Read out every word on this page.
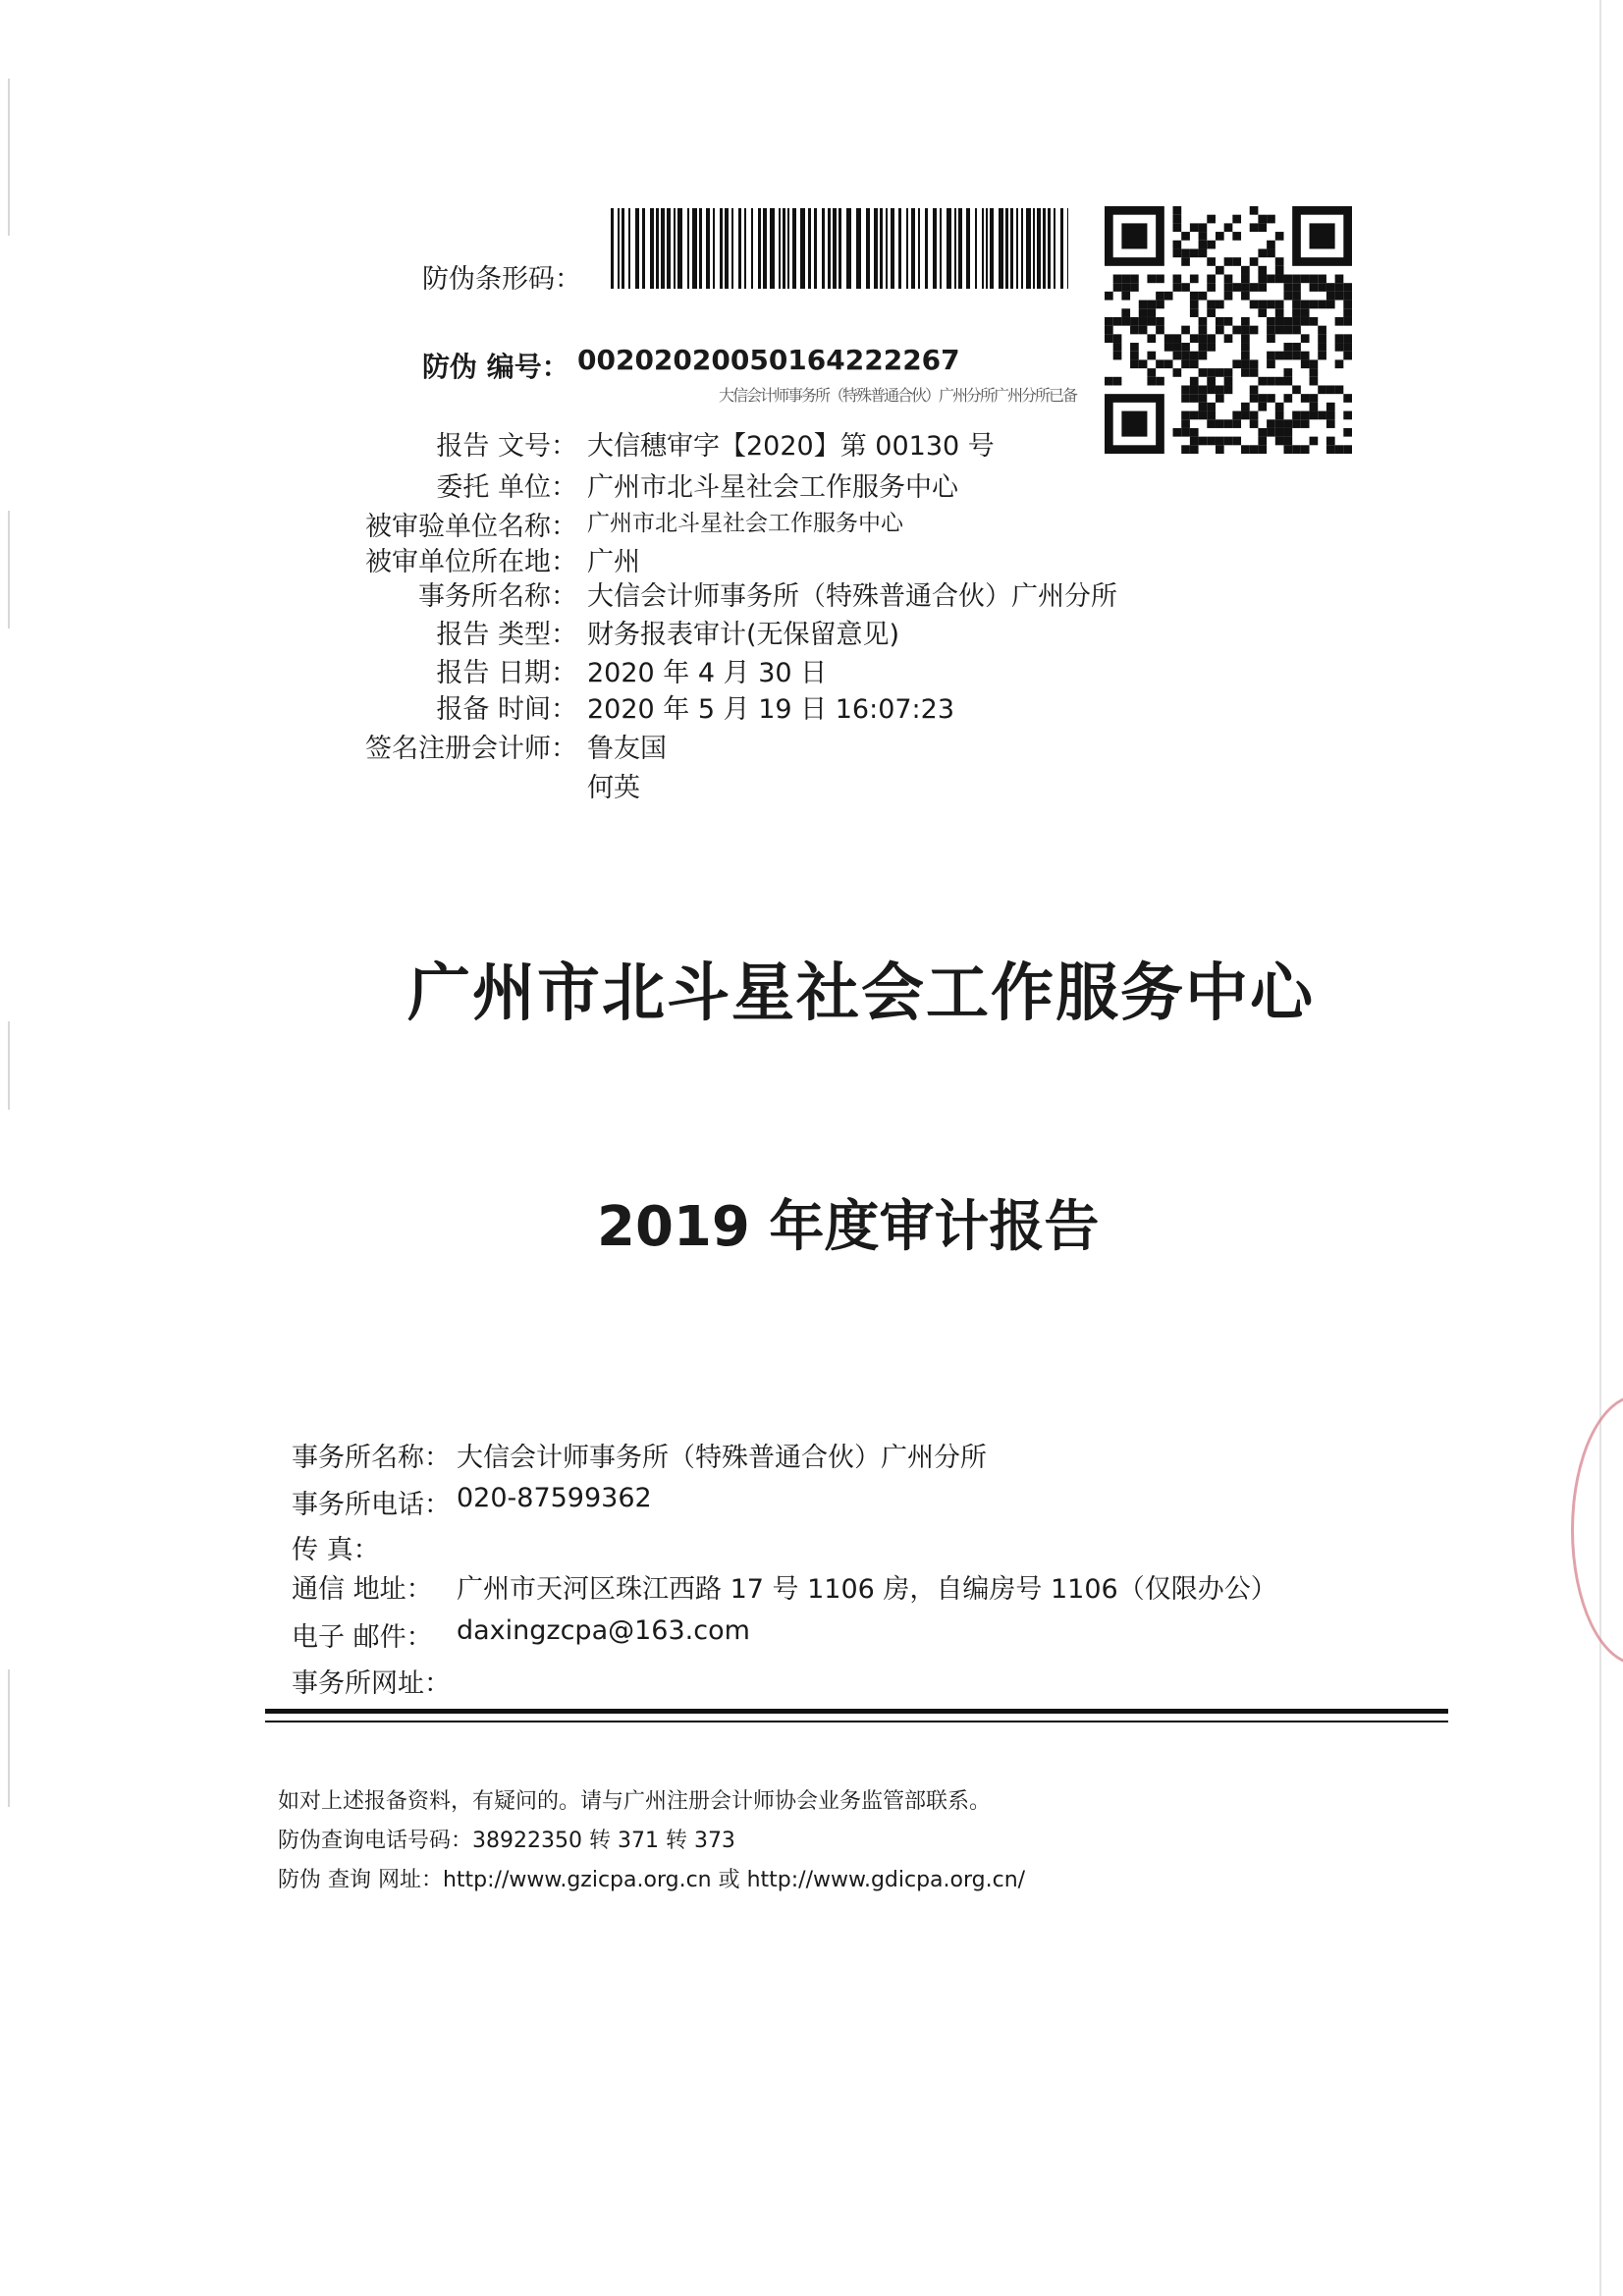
防伪条形码：
防伪 编号： 00202020050164222267
大信会计师事务所（特殊普通合伙）广州分所广州分所已备
报告 文号： 大信穗审字【2020】第 00130 号
委托 单位： 广州市北斗星社会工作服务中心
被审验单位名称： 广州市北斗星社会工作服务中心
被审单位所在地： 广州
事务所名称： 大信会计师事务所（特殊普通合伙）广州分所
报告 类型： 财务报表审计(无保留意见)
报告 日期： 2020 年 4 月 30 日
报备 时间： 2020 年 5 月 19 日 16:07:23
签名注册会计师： 鲁友国
何英
广州市北斗星社会工作服务中心
2019 年度审计报告
事务所名称： 大信会计师事务所（特殊普通合伙）广州分所
事务所电话： 020-87599362
传 真：
通信 地址： 广州市天河区珠江西路 17 号 1106 房，自编房号 1106（仅限办公）
电子 邮件： daxingzcpa@163.com
事务所网址：
如对上述报备资料，有疑问的。请与广州注册会计师协会业务监管部联系。
防伪查询电话号码：38922350 转 371 转 373
防伪 查询 网址：http://www.gzicpa.org.cn 或 http://www.gdicpa.org.cn/
